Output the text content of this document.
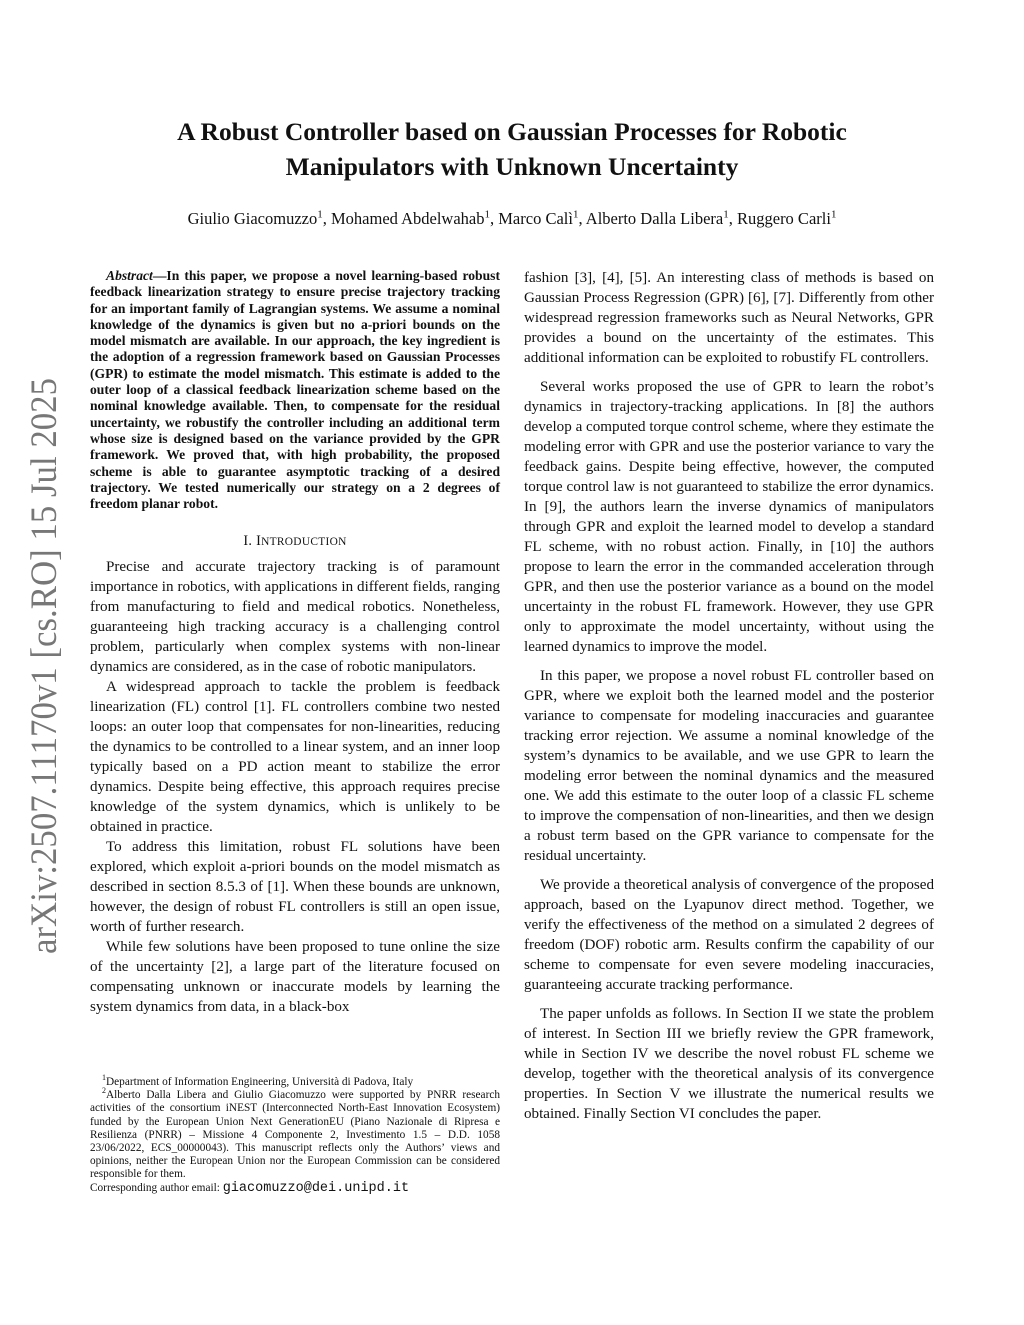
arXiv:2507.11170v1 [cs.RO] 15 Jul 2025
A Robust Controller based on Gaussian Processes for Robotic
Manipulators with Unknown Uncertainty
Giulio Giacomuzzo$^1$, Mohamed Abdelwahab$^1$, Marco Calì$^1$, Alberto Dalla Libera$^1$, Ruggero Carli$^1$

Abstract—In this paper, we propose a novel learning-based robust feedback linearization strategy to ensure precise trajectory tracking for an important family of Lagrangian systems. We assume a nominal knowledge of the dynamics is given but no a-priori bounds on the model mismatch are available. In our approach, the key ingredient is the adoption of a regression framework based on Gaussian Processes (GPR) to estimate the model mismatch. This estimate is added to the outer loop of a classical feedback linearization scheme based on the nominal knowledge available. Then, to compensate for the residual uncertainty, we robustify the controller including an additional term whose size is designed based on the variance provided by the GPR framework. We proved that, with high probability, the proposed scheme is able to guarantee asymptotic tracking of a desired trajectory. We tested numerically our strategy on a 2 degrees of freedom planar robot.

I. INTRODUCTION

Precise and accurate trajectory tracking is of paramount importance in robotics, with applications in different fields, ranging from manufacturing to field and medical robotics. Nonetheless, guaranteeing high tracking accuracy is a challenging control problem, particularly when complex systems with non-linear dynamics are considered, as in the case of robotic manipulators.

A widespread approach to tackle the problem is feedback linearization (FL) control [1]. FL controllers combine two nested loops: an outer loop that compensates for non-linearities, reducing the dynamics to be controlled to a linear system, and an inner loop typically based on a PD action meant to stabilize the error dynamics. Despite being effective, this approach requires precise knowledge of the system dynamics, which is unlikely to be obtained in practice.

To address this limitation, robust FL solutions have been explored, which exploit a-priori bounds on the model mismatch as described in section 8.5.3 of [1]. When these bounds are unknown, however, the design of robust FL controllers is still an open issue, worth of further research.

While few solutions have been proposed to tune online the size of the uncertainty [2], a large part of the literature focused on compensating unknown or inaccurate models by learning the system dynamics from data, in a black-box

fashion [3], [4], [5]. An interesting class of methods is based on Gaussian Process Regression (GPR) [6], [7]. Differently from other widespread regression frameworks such as Neural Networks, GPR provides a bound on the uncertainty of the estimates. This additional information can be exploited to robustify FL controllers.

Several works proposed the use of GPR to learn the robot’s dynamics in trajectory-tracking applications. In [8] the authors develop a computed torque control scheme, where they estimate the modeling error with GPR and use the posterior variance to vary the feedback gains. Despite being effective, however, the computed torque control law is not guaranteed to stabilize the error dynamics. In [9], the authors learn the inverse dynamics of manipulators through GPR and exploit the learned model to develop a standard FL scheme, with no robust action. Finally, in [10] the authors propose to learn the error in the commanded acceleration through GPR, and then use the posterior variance as a bound on the model uncertainty in the robust FL framework. However, they use GPR only to approximate the model uncertainty, without using the learned dynamics to improve the model.

In this paper, we propose a novel robust FL controller based on GPR, where we exploit both the learned model and the posterior variance to compensate for modeling inaccuracies and guarantee tracking error rejection. We assume a nominal knowledge of the system’s dynamics to be available, and we use GPR to learn the modeling error between the nominal dynamics and the measured one. We add this estimate to the outer loop of a classic FL scheme to improve the compensation of non-linearities, and then we design a robust term based on the GPR variance to compensate for the residual uncertainty.

We provide a theoretical analysis of convergence of the proposed approach, based on the Lyapunov direct method. Together, we verify the effectiveness of the method on a simulated 2 degrees of freedom (DOF) robotic arm. Results confirm the capability of our scheme to compensate for even severe modeling inaccuracies, guaranteeing accurate tracking performance.

The paper unfolds as follows. In Section II we state the problem of interest. In Section III we briefly review the GPR framework, while in Section IV we describe the novel robust FL scheme we develop, together with the theoretical analysis of its convergence properties. In Section V we illustrate the numerical results we obtained. Finally Section VI concludes the paper.

$^1$Department of Information Engineering, Università di Padova, Italy

$^2$Alberto Dalla Libera and Giulio Giacomuzzo were supported by PNRR research activities of the consortium iNEST (Interconnected North-East Innovation Ecosystem) funded by the European Union Next GenerationEU (Piano Nazionale di Ripresa e Resilienza (PNRR) – Missione 4 Componente 2, Investimento 1.5 – D.D. 1058 23/06/2022, ECS_00000043). This manuscript reflects only the Authors’ views and opinions, neither the European Union nor the European Commission can be considered responsible for them.

Corresponding author email: giacomuzzo@dei.unipd.it
